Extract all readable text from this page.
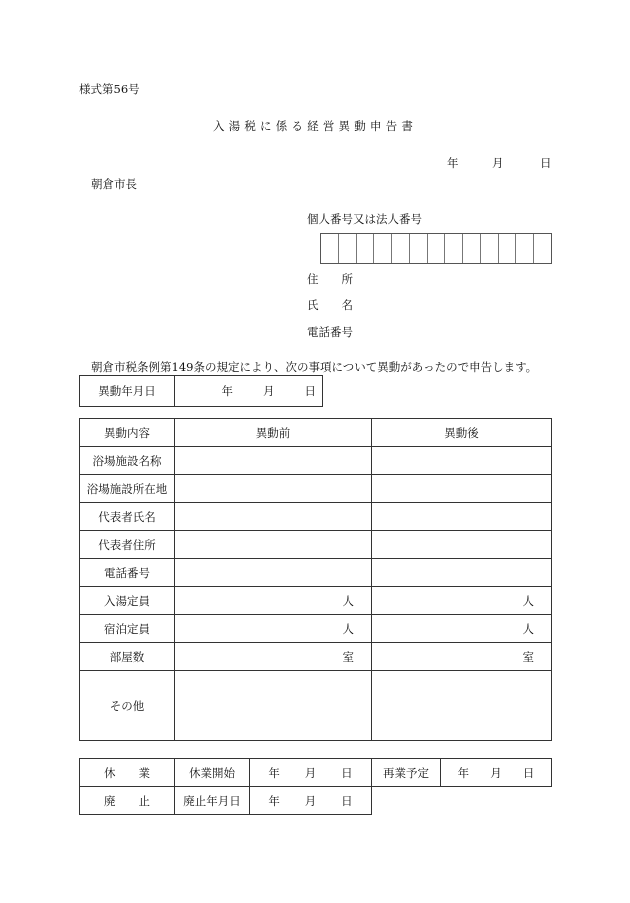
様式第56号
入湯税に係る経営異動申告書
年	月	日
朝倉市長
個人番号又は法人番号
住　　所
氏　　名
電話番号
朝倉市税条例第149条の規定により、次の事項について異動があったので申告します。
異動年月日	年	月	日
異動内容	異動前	異動後
浴場施設名称		
浴場施設所在地		
代表者氏名		
代表者住所		
電話番号		
入湯定員	人	人
宿泊定員	人	人
部屋数	室	室
その他		
休　　業	休業開始	年 月 日	再業予定	年 月 日

廃　　止	廃止年月日	年 月 日		
